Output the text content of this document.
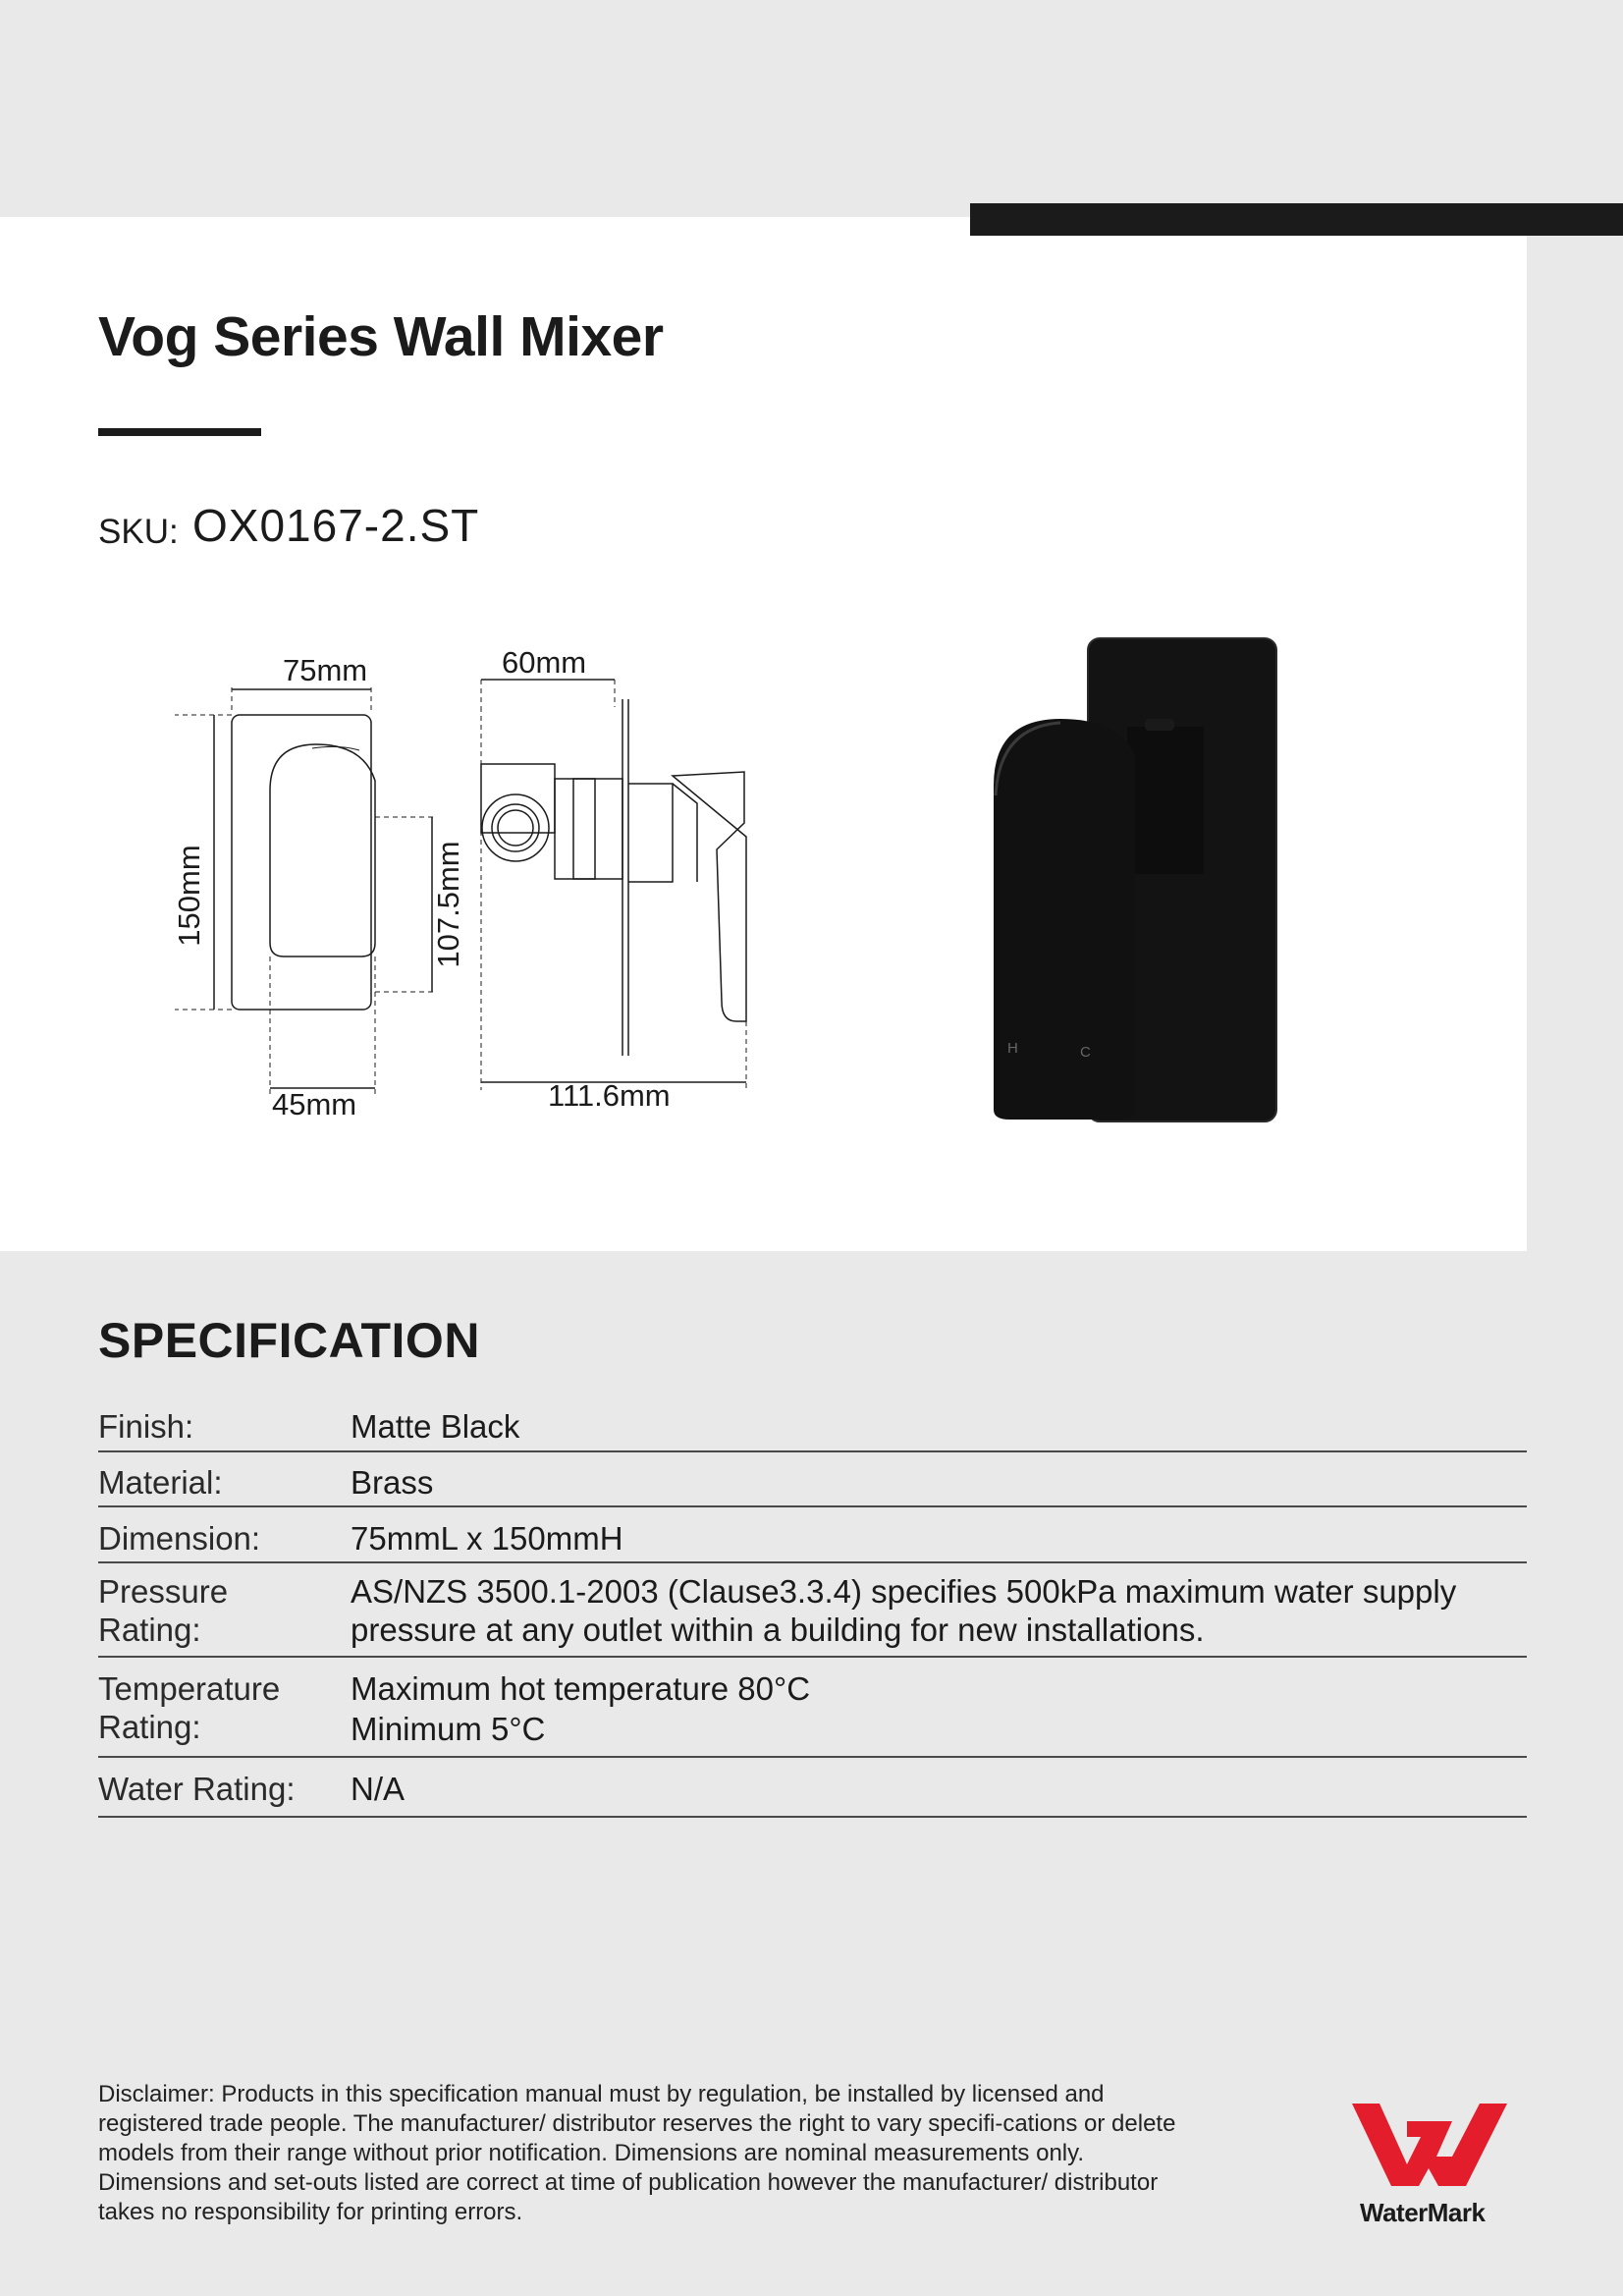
Vog Series Wall Mixer
SKU: OX0167-2.ST
75mm	60mm
150mm	107.5mm
45mm	111.6mm
H	C
SPECIFICATION
Finish:	Matte Black
Material:	Brass
Dimension:	75mmL x 150mmH
Pressure Rating:
AS/NZS 3500.1-2003 (Clause3.3.4) specifies 500kPa maximum water supply
pressure at any outlet within a building for new installations.
Temperature Rating:
Maximum hot temperature 80°C
Minimum 5°C
Water Rating:	N/A
Disclaimer: Products in this specification manual must by regulation, be installed by licensed and registered trade people. The manufacturer/ distributor reserves the right to vary specifi-cations or delete models from their range without prior notification. Dimensions are nominal measurements only. Dimensions and set-outs listed are correct at time of publication however the manufacturer/ distributor takes no responsibility for printing errors.	WaterMark
